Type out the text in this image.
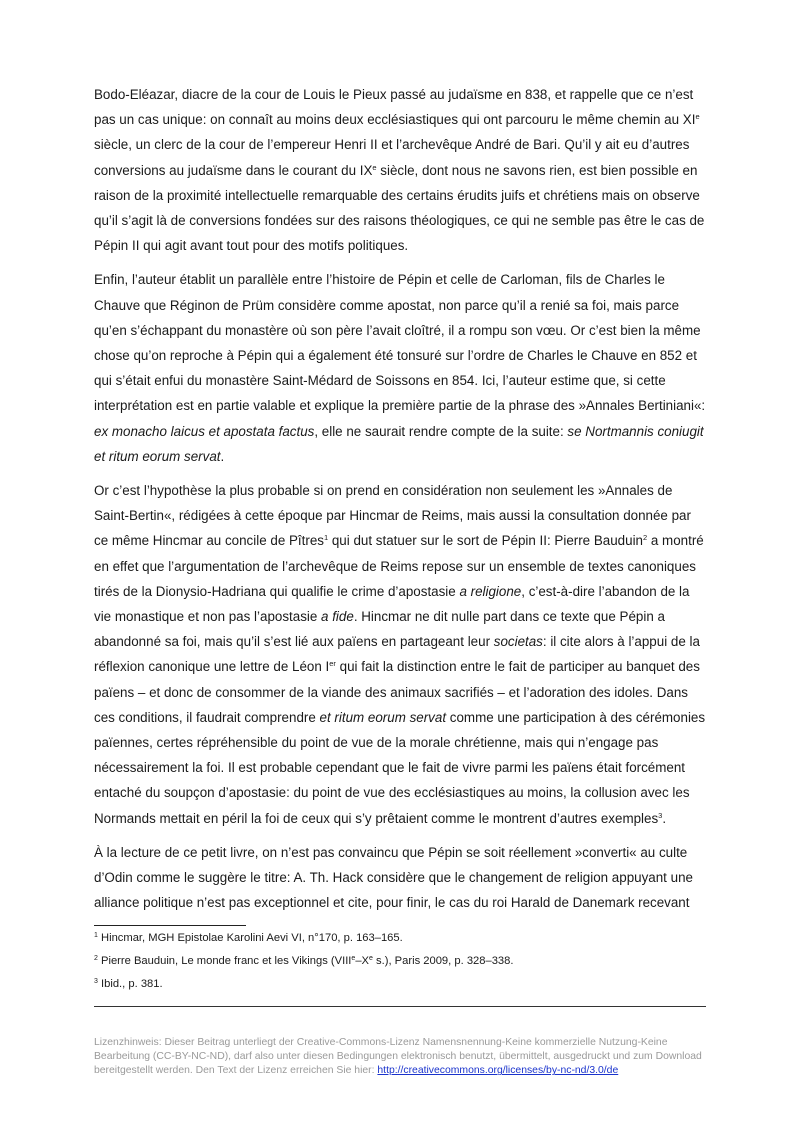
Bodo-Eléazar, diacre de la cour de Louis le Pieux passé au judaïsme en 838, et rappelle que ce n’est pas un cas unique: on connaît au moins deux ecclésiastiques qui ont parcouru le même chemin au XIe siècle, un clerc de la cour de l’empereur Henri II et l’archevêque André de Bari. Qu’il y ait eu d’autres conversions au judaïsme dans le courant du IXe siècle, dont nous ne savons rien, est bien possible en raison de la proximité intellectuelle remarquable des certains érudits juifs et chrétiens mais on observe qu’il s’agit là de conversions fondées sur des raisons théologiques, ce qui ne semble pas être le cas de Pépin II qui agit avant tout pour des motifs politiques.

Enfin, l’auteur établit un parallèle entre l’histoire de Pépin et celle de Carloman, fils de Charles le Chauve que Réginon de Prüm considère comme apostat, non parce qu’il a renié sa foi, mais parce qu’en s’échappant du monastère où son père l’avait cloîtré, il a rompu son vœu. Or c’est bien la même chose qu’on reproche à Pépin qui a également été tonsuré sur l’ordre de Charles le Chauve en 852 et qui s’était enfui du monastère Saint-Médard de Soissons en 854. Ici, l’auteur estime que, si cette interprétation est en partie valable et explique la première partie de la phrase des »Annales Bertiniani«: ex monacho laicus et apostata factus, elle ne saurait rendre compte de la suite: se Nortmannis coniugit et ritum eorum servat.

Or c’est l’hypothèse la plus probable si on prend en considération non seulement les »Annales de Saint-Bertin«, rédigées à cette époque par Hincmar de Reims, mais aussi la consultation donnée par ce même Hincmar au concile de Pîtres$^1$ qui dut statuer sur le sort de Pépin II: Pierre Bauduin$^2$ a montré en effet que l’argumentation de l’archevêque de Reims repose sur un ensemble de textes canoniques tirés de la Dionysio-Hadriana qui qualifie le crime d’apostasie a religione, c’est-à-dire l’abandon de la vie monastique et non pas l’apostasie a fide. Hincmar ne dit nulle part dans ce texte que Pépin a abandonné sa foi, mais qu’il s’est lié aux païens en partageant leur societas: il cite alors à l’appui de la réflexion canonique une lettre de Léon Ier qui fait la distinction entre le fait de participer au banquet des païens – et donc de consommer de la viande des animaux sacrifiés – et l’adoration des idoles. Dans ces conditions, il faudrait comprendre et ritum eorum servat comme une participation à des cérémonies païennes, certes répréhensible du point de vue de la morale chrétienne, mais qui n’engage pas nécessairement la foi. Il est probable cependant que le fait de vivre parmi les païens était forcément entaché du soupçon d’apostasie: du point de vue des ecclésiastiques au moins, la collusion avec les Normands mettait en péril la foi de ceux qui s’y prêtaient comme le montrent d’autres exemples$^3$.

À la lecture de ce petit livre, on n’est pas convaincu que Pépin se soit réellement »converti« au culte d’Odin comme le suggère le titre: A. Th. Hack considère que le changement de religion appuyant une alliance politique n’est pas exceptionnel et cite, pour finir, le cas du roi Harald de Danemark recevant

$^1$ Hincmar, MGH Epistolae Karolini Aevi VI, n°170, p. 163–165.

$^2$ Pierre Bauduin, Le monde franc et les Vikings (VIIIe–Xe s.), Paris 2009, p. 328–338.

$^3$ Ibid., p. 381.

Lizenzhinweis: Dieser Beitrag unterliegt der Creative-Commons-Lizenz Namensnennung-Keine kommerzielle Nutzung-Keine Bearbeitung (CC-BY-NC-ND), darf also unter diesen Bedingungen elektronisch benutzt, übermittelt, ausgedruckt und zum Download bereitgestellt werden. Den Text der Lizenz erreichen Sie hier: http://creativecommons.org/licenses/by-nc-nd/3.0/de
